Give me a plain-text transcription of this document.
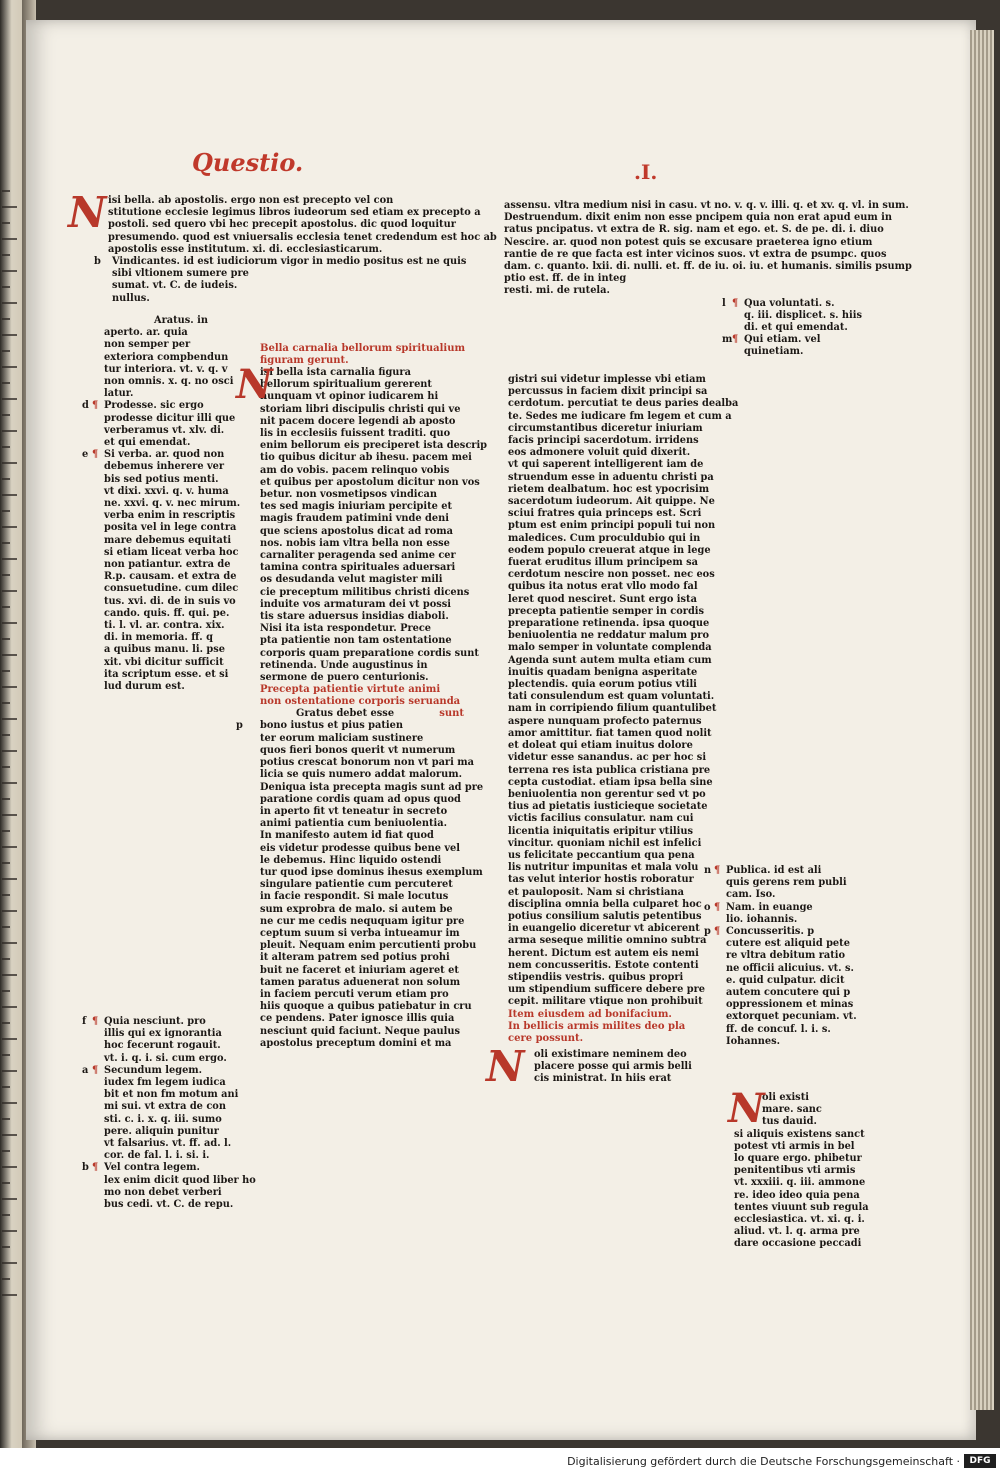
Questio.	.I.
N isi bella. ab apostolis. ergo non est precepto vel con
stitutione ecclesie legimus libros iudeorum sed etiam ex precepto a
postoli. sed quero vbi hec precepit apostolus. dic quod loquitur
presumendo. quod est vniuersalis ecclesia tenet credendum est hoc ab
apostolis esse institutum. xi. di. ecclesiasticarum.
b Vindicantes. id est iudiciorum vigor in medio positus est ne quis
sibi vltionem sumere pre
sumat. vt. C. de iudeis.
nullus.
Aratus. in
aperto. ar. quia
non semper per
exteriora compbendun
tur interiora. vt. v. q. v
non omnis. x. q. no osci
latur.
d ¶ Prodesse. sic ergo
prodesse dicitur illi que
verberamus vt. xlv. di.
et qui emendat.
e ¶ Si verba. ar. quod non
debemus inherere ver
bis sed potius menti.
vt dixi. xxvi. q. v. huma
ne. xxvi. q. v. nec mirum.
verba enim in rescriptis
posita vel in lege contra
mare debemus equitati
si etiam liceat verba hoc
non patiantur. extra de
R.p. causam. et extra de
consuetudine. cum dilec
tus. xvi. di. de in suis vo
cando. quis. ff. qui. pe.
ti. l. vl. ar. contra. xix.
di. in memoria. ff. q
a quibus manu. li. pse
xit. vbi dicitur sufficit
ita scriptum esse. et si
lud durum est.
f ¶ Quia nesciunt. pro
illis qui ex ignorantia
hoc fecerunt rogauit.
vt. i. q. i. si. cum ergo.
a ¶ Secundum legem.
iudex fm legem iudica
bit et non fm motum ani
mi sui. vt extra de con
sti. c. i. x. q. iii. sumo
pere. aliquin punitur
vt falsarius. vt. ff. ad. l.
cor. de fal. l. i. si. i.
b ¶ Vel contra legem.
lex enim dicit quod liber ho
mo non debet verberi
bus cedi. vt. C. de repu.
Bella carnalia bellorum spiritualium
figuram gerunt.
N
isi bella ista carnalia figura
bellorum spiritualium gererent
nunquam vt opinor iudicarem hi
storiam libri discipulis christi qui ve
nit pacem docere legendi ab aposto
lis in ecclesiis fuissent traditi. quo
enim bellorum eis preciperet ista descrip
tio quibus dicitur ab ihesu. pacem mei
am do vobis. pacem relinquo vobis
et quibus per apostolum dicitur non vos
betur. non vosmetipsos vindican
tes sed magis iniuriam percipite et
magis fraudem patimini vnde deni
que sciens apostolus dicat ad roma
nos. nobis iam vltra bella non esse
carnaliter peragenda sed anime cer
tamina contra spirituales aduersari
os desudanda velut magister mili
cie preceptum militibus christi dicens
induite vos armaturam dei vt possi
tis stare aduersus insidias diaboli.
Nisi ita ista respondetur. Prece
pta patientie non tam ostentatione
corporis quam preparatione cordis sunt
retinenda. Unde augustinus in
sermone de puero centurionis.
Precepta patientie virtute animi
non ostentatione corporis seruanda
sunt
Gratus debet esse
p bono iustus et pius patien
ter eorum maliciam sustinere
quos fieri bonos querit vt numerum
potius crescat bonorum non vt pari ma
licia se quis numero addat malorum.
Deniqua ista precepta magis sunt ad pre
paratione cordis quam ad opus quod
in aperto fit vt teneatur in secreto
animi patientia cum beniuolentia.
In manifesto autem id fiat quod
eis videtur prodesse quibus bene vel
le debemus. Hinc liquido ostendi
tur quod ipse dominus ihesus exemplum
singulare patientie cum percuteret
in facie respondit. Si male locutus
sum exprobra de malo. si autem be
ne cur me cedis neququam igitur pre
ceptum suum si verba intueamur im
pleuit. Nequam enim percutienti probu
it alteram patrem sed potius prohi
buit ne faceret et iniuriam ageret et
tamen paratus aduenerat non solum
in faciem percuti verum etiam pro
hiis quoque a quibus patiebatur in cru
ce pendens. Pater ignosce illis quia
nesciunt quid faciunt. Neque paulus
apostolus preceptum domini et ma
assensu. vltra medium nisi in casu. vt no. v. q. v. illi. q. et xv. q. vl. in sum.
Destruendum. dixit enim non esse pncipem quia non erat apud eum in
ratus pncipatus. vt extra de R. sig. nam et ego. et. S. de pe. di. i. diuo
Nescire. ar. quod non potest quis se excusare praeterea igno etium
rantie de re que facta est inter vicinos suos. vt extra de psumpc. quos
dam. c. quanto. lxii. di. nulli. et. ff. de iu. oi. iu. et humanis. similis psump
ptio est. ff. de in integ
resti. mi. de rutela.
l ¶ Qua voluntati. s.
q. iii. displicet. s. hiis
di. et qui emendat.
m ¶ Qui etiam. vel
quinetiam.
gistri sui videtur implesse vbi etiam
percussus in faciem dixit principi sa
cerdotum. percutiat te deus paries dealba
te. Sedes me iudicare fm legem et cum a
circumstantibus diceretur iniuriam
facis principi sacerdotum. irridens
eos admonere voluit quid dixerit.
vt qui saperent intelligerent iam de
struendum esse in aduentu christi pa
rietem dealbatum. hoc est ypocrisim
sacerdotum iudeorum. Ait quippe. Ne
sciui fratres quia princeps est. Scri
ptum est enim principi populi tui non
maledices. Cum proculdubio qui in
eodem populo creuerat atque in lege
fuerat eruditus illum principem sa
cerdotum nescire non posset. nec eos
quibus ita notus erat vllo modo fal
leret quod nesciret. Sunt ergo ista
precepta patientie semper in cordis
preparatione retinenda. ipsa quoque
beniuolentia ne reddatur malum pro
malo semper in voluntate complenda
Agenda sunt autem multa etiam cum
inuitis quadam benigna asperitate
plectendis. quia eorum potius vtili
tati consulendum est quam voluntati.
nam in corripiendo filium quantulibet
aspere nunquam profecto paternus
amor amittitur. fiat tamen quod nolit
et doleat qui etiam inuitus dolore
videtur esse sanandus. ac per hoc si
terrena res ista publica cristiana pre
cepta custodiat. etiam ipsa bella sine
beniuolentia non gerentur sed vt po
tius ad pietatis iusticieque societate
victis facilius consulatur. nam cui
licentia iniquitatis eripitur vtilius
vincitur. quoniam nichil est infelici
us felicitate peccantium qua pena
lis nutritur impunitas et mala volu
tas velut interior hostis roboratur
et pauloposit. Nam si christiana
disciplina omnia bella culparet hoc
potius consilium salutis petentibus
in euangelio diceretur vt abicerent
arma seseque militie omnino subtra
herent. Dictum est autem eis nemi
nem concusseritis. Estote contenti
stipendiis vestris. quibus propri
um stipendium sufficere debere pre
cepit. militare vtique non prohibuit
Item eiusdem ad bonifacium.
In bellicis armis milites deo pla
cere possunt.
N oli existimare neminem deo
placere posse qui armis belli
cis ministrat. In hiis erat
n ¶ Publica. id est ali
quis gerens rem publi
cam. Iso.
o ¶ Nam. in euange
lio. iohannis.
p ¶ Concusseritis. p
cutere est aliquid pete
re vltra debitum ratio
ne officii alicuius. vt. s.
e. quid culpatur. dicit
autem concutere qui p
oppressionem et minas
extorquet pecuniam. vt.
ff. de concuf. l. i. s.
Iohannes.
N
oli existi
mare. sanc
tus dauid.
si aliquis existens sanct
potest vti armis in bel
lo quare ergo. phibetur
penitentibus vti armis
vt. xxxiii. q. iii. ammone
re. ideo ideo quia pena
tentes viuunt sub regula
ecclesiastica. vt. xi. q. i.
aliud. vt. l. q. arma pre
dare occasione peccadi
Digitalisierung gefördert durch die Deutsche Forschungsgemeinschaft ·	DFG
